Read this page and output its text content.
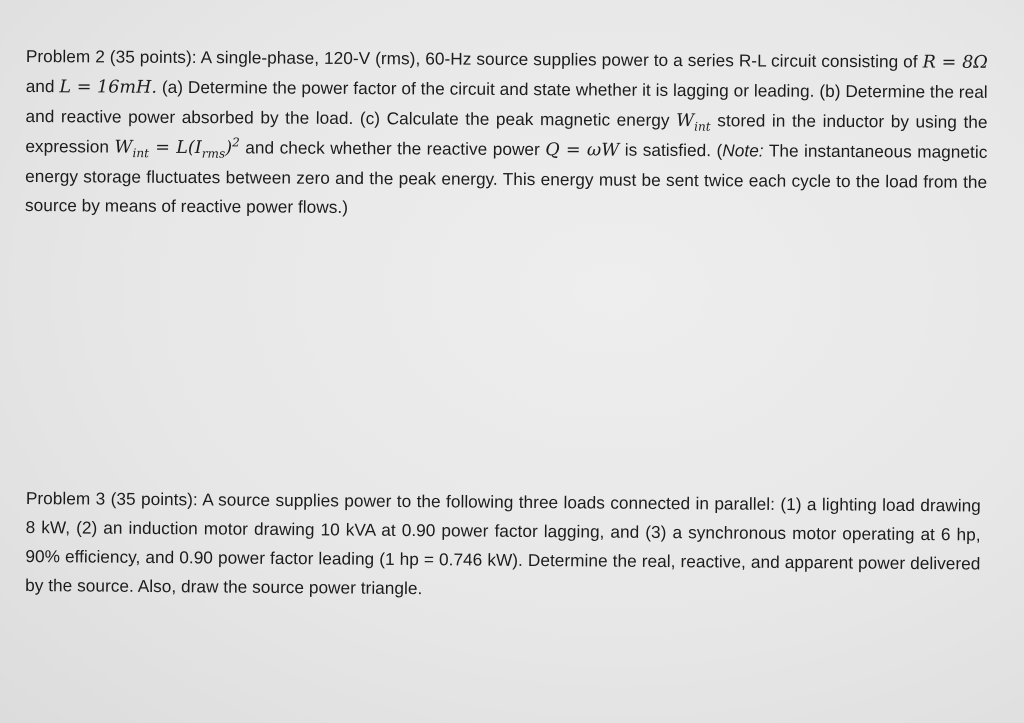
Problem 2 (35 points): A single-phase, 120-V (rms), 60-Hz source supplies power to a series R-L circuit consisting of R = 8Ω and L = 16mH. (a) Determine the power factor of the circuit and state whether it is lagging or leading. (b) Determine the real and reactive power absorbed by the load. (c) Calculate the peak magnetic energy $W_{int}$ stored in the inductor by using the expression $W_{int} = L(I_{rms})^2$ and check whether the reactive power Q = ωW is satisfied. (Note: The instantaneous magnetic energy storage fluctuates between zero and the peak energy. This energy must be sent twice each cycle to the load from the source by means of reactive power flows.)
Problem 3 (35 points): A source supplies power to the following three loads connected in parallel: (1) a lighting load drawing 8 kW, (2) an induction motor drawing 10 kVA at 0.90 power factor lagging, and (3) a synchronous motor operating at 6 hp, 90% efficiency, and 0.90 power factor leading (1 hp = 0.746 kW). Determine the real, reactive, and apparent power delivered by the source. Also, draw the source power triangle.
